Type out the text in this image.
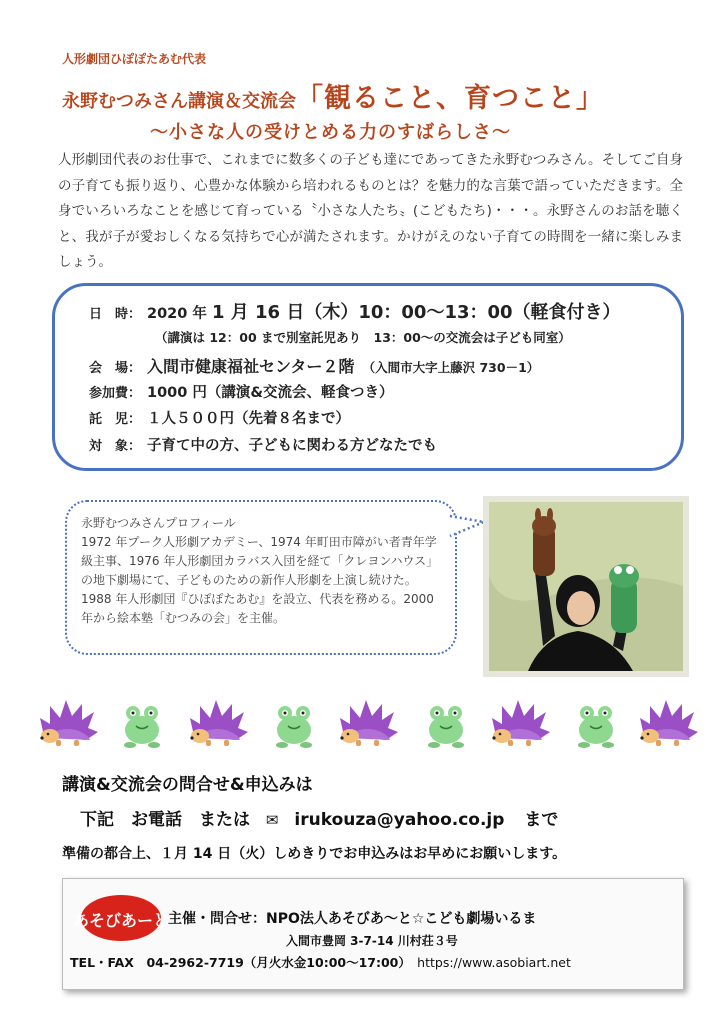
人形劇団ひぽぽたあむ代表
永野むつみさん講演＆交流会「観ること、育つこと」
～小さな人の受けとめる力のすばらしさ～
人形劇団代表のお仕事で、これまでに数多くの子ども達にであってきた永野むつみさん。そしてご自身の子育ても振り返り、心豊かな体験から培われるものとは？を魅力的な言葉で語っていただきます。全身でいろいろなことを感じて育っている〝小さな人たち〟(こどもたち)・・・。永野さんのお話を聴くと、我が子が愛おしくなる気持ちで心が満たされます。かけがえのない子育ての時間を一緒に楽しみましょう。
日　時： 2020 年 1 月 16 日（木）10：00～13：00（軽食付き）
（講演は 12：00 まで別室託児あり　13：00～の交流会は子ども同室）
会　場： 入間市健康福祉センター２階　 （入間市大字上藤沢 730－1）
参加費： 1000 円（講演&交流会、軽食つき）
託　児： １人５００円（先着８名まで）
対　象： 子育て中の方、子どもに関わる方どなたでも
永野むつみさんプロフィール
1972 年プーク人形劇アカデミー、1974 年町田市障がい者青年学級主事、1976 年人形劇団カラバス入団を経て「クレヨンハウス」の地下劇場にて、子どものための新作人形劇を上演し続けた。1988 年人形劇団『ひぽぽたあむ』を設立、代表を務める。2000 年から絵本塾「むつみの会」を主催。
講演&交流会の問合せ&申込みは
下記　お電話　または ✉ irukouza@yahoo.co.jp まで
準備の都合上、１月 14 日（火）しめきりでお申込みはお早めにお願いします。
あそびあーと
主催・問合せ：NPO法人あそびあ～と☆こども劇場いるま
入間市豊岡 3-7-14 川村荘３号
TEL・FAX　04-2962-7719（月火水金10:00～17:00）　 https://www.asobiart.net
